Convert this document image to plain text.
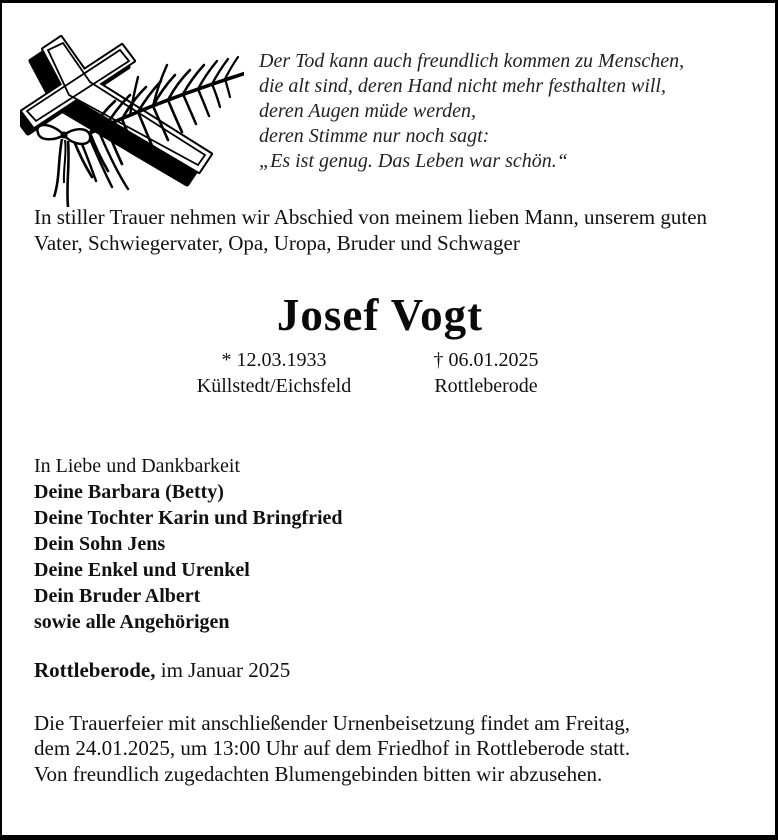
Der Tod kann auch freundlich kommen zu Menschen,
die alt sind, deren Hand nicht mehr festhalten will,
deren Augen müde werden,
deren Stimme nur noch sagt:
„Es ist genug. Das Leben war schön.“
In stiller Trauer nehmen wir Abschied von meinem lieben Mann, unserem guten
Vater, Schwiegervater, Opa, Uropa, Bruder und Schwager
Josef Vogt
* 12.03.1933
Küllstedt/Eichsfeld
† 06.01.2025
Rottleberode
In Liebe und Dankbarkeit
Deine Barbara (Betty)
Deine Tochter Karin und Bringfried
Dein Sohn Jens
Deine Enkel und Urenkel
Dein Bruder Albert
sowie alle Angehörigen
Rottleberode, im Januar 2025
Die Trauerfeier mit anschließender Urnenbeisetzung findet am Freitag,
dem 24.01.2025, um 13:00 Uhr auf dem Friedhof in Rottleberode statt.
Von freundlich zugedachten Blumengebinden bitten wir abzusehen.
